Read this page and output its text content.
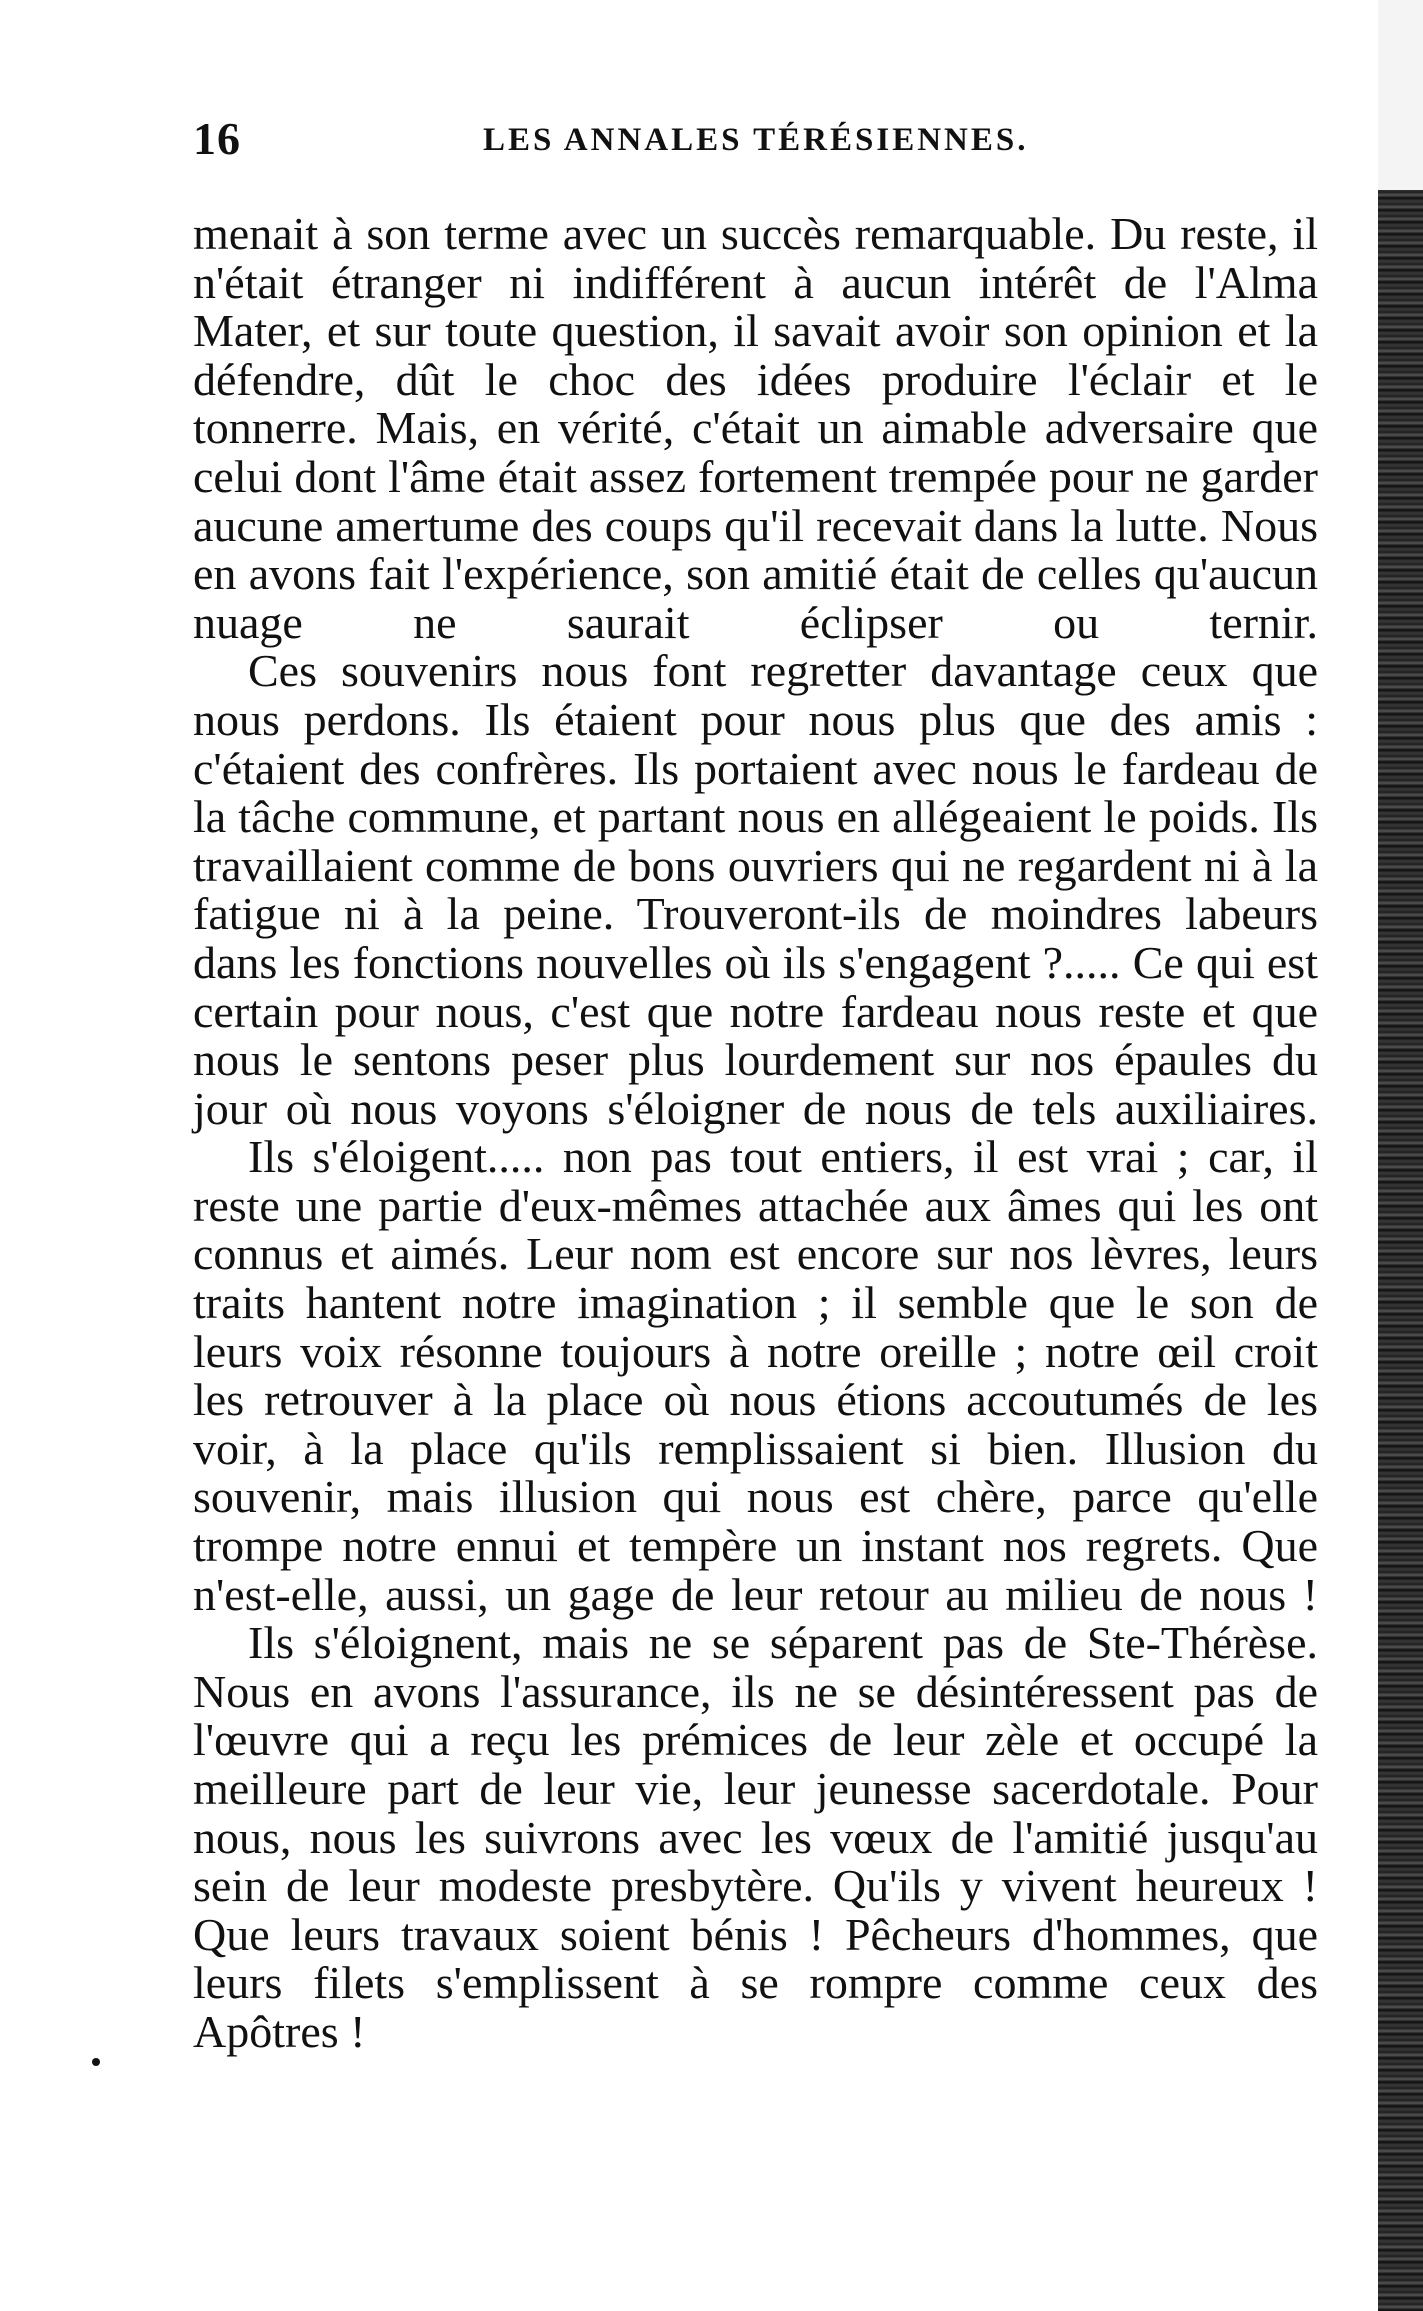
16	LES ANNALES TÉRÉSIENNES.

menait à son terme avec un succès remarquable. Du reste, il n'était étranger ni indifférent à aucun intérêt de l'Alma Mater, et sur toute question, il savait avoir son opinion et la défendre, dût le choc des idées produire l'éclair et le tonnerre. Mais, en vérité, c'était un aimable adversaire que celui dont l'âme était assez fortement trempée pour ne garder aucune amertume des coups qu'il recevait dans la lutte. Nous en avons fait l'expérience, son amitié était de celles qu'aucun nuage ne saurait éclipser ou ternir.

Ces souvenirs nous font regretter davantage ceux que nous perdons. Ils étaient pour nous plus que des amis : c'étaient des confrères. Ils portaient avec nous le fardeau de la tâche commune, et partant nous en allégeaient le poids. Ils travaillaient comme de bons ouvriers qui ne regardent ni à la fatigue ni à la peine. Trouveront-ils de moindres labeurs dans les fonctions nouvelles où ils s'engagent ?..... Ce qui est certain pour nous, c'est que notre fardeau nous reste et que nous le sentons peser plus lourdement sur nos épaules du jour où nous voyons s'éloigner de nous de tels auxiliaires.

Ils s'éloigent..... non pas tout entiers, il est vrai ; car, il reste une partie d'eux-mêmes attachée aux âmes qui les ont connus et aimés. Leur nom est encore sur nos lèvres, leurs traits hantent notre imagination ; il semble que le son de leurs voix résonne toujours à notre oreille ; notre œil croit les retrouver à la place où nous étions accoutumés de les voir, à la place qu'ils remplissaient si bien. Illusion du souvenir, mais illusion qui nous est chère, parce qu'elle trompe notre ennui et tempère un instant nos regrets. Que n'est-elle, aussi, un gage de leur retour au milieu de nous !

Ils s'éloignent, mais ne se séparent pas de Ste-Thérèse. Nous en avons l'assurance, ils ne se désintéressent pas de l'œuvre qui a reçu les prémices de leur zèle et occupé la meilleure part de leur vie, leur jeunesse sacerdotale. Pour nous, nous les suivrons avec les vœux de l'amitié jusqu'au sein de leur modeste presbytère. Qu'ils y vivent heureux ! Que leurs travaux soient bénis ! Pêcheurs d'hommes, que leurs filets s'emplissent à se rompre comme ceux des Apôtres !
